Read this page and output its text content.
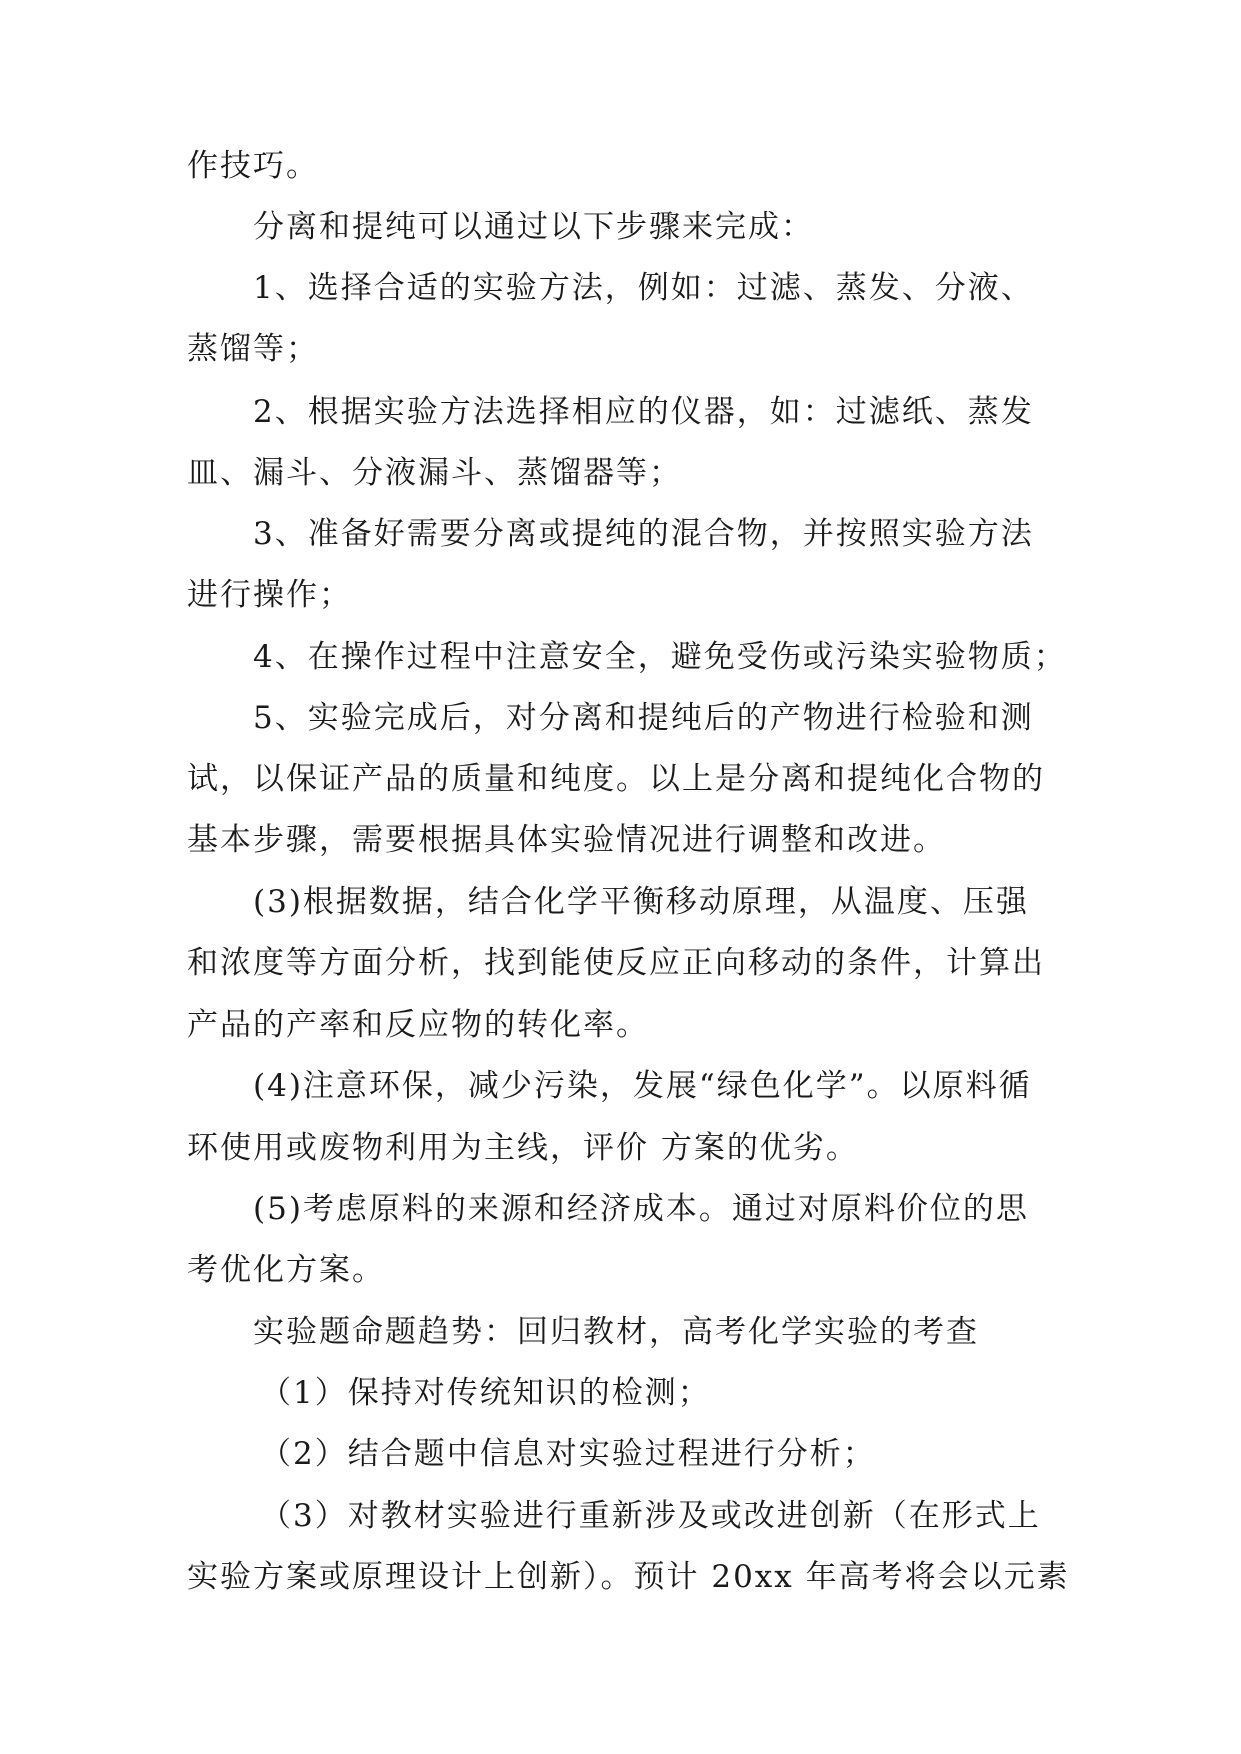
作技巧。
分离和提纯可以通过以下步骤来完成：
1、选择合适的实验方法，例如：过滤、蒸发、分液、
蒸馏等；
2、根据实验方法选择相应的仪器，如：过滤纸、蒸发
皿、漏斗、分液漏斗、蒸馏器等；
3、准备好需要分离或提纯的混合物，并按照实验方法
进行操作；
4、在操作过程中注意安全，避免受伤或污染实验物质；
5、实验完成后，对分离和提纯后的产物进行检验和测
试，以保证产品的质量和纯度。以上是分离和提纯化合物的
基本步骤，需要根据具体实验情况进行调整和改进。
(3)根据数据，结合化学平衡移动原理，从温度、压强
和浓度等方面分析，找到能使反应正向移动的条件，计算出
产品的产率和反应物的转化率。
(4)注意环保，减少污染，发展“绿色化学”。以原料循
环使用或废物利用为主线，评价 方案的优劣。
(5)考虑原料的来源和经济成本。通过对原料价位的思
考优化方案。
实验题命题趋势：回归教材，高考化学实验的考查
（1）保持对传统知识的检测；
（2）结合题中信息对实验过程进行分析；
（3）对教材实验进行重新涉及或改进创新（在形式上
实验方案或原理设计上创新）。预计 20xx 年高考将会以元素
